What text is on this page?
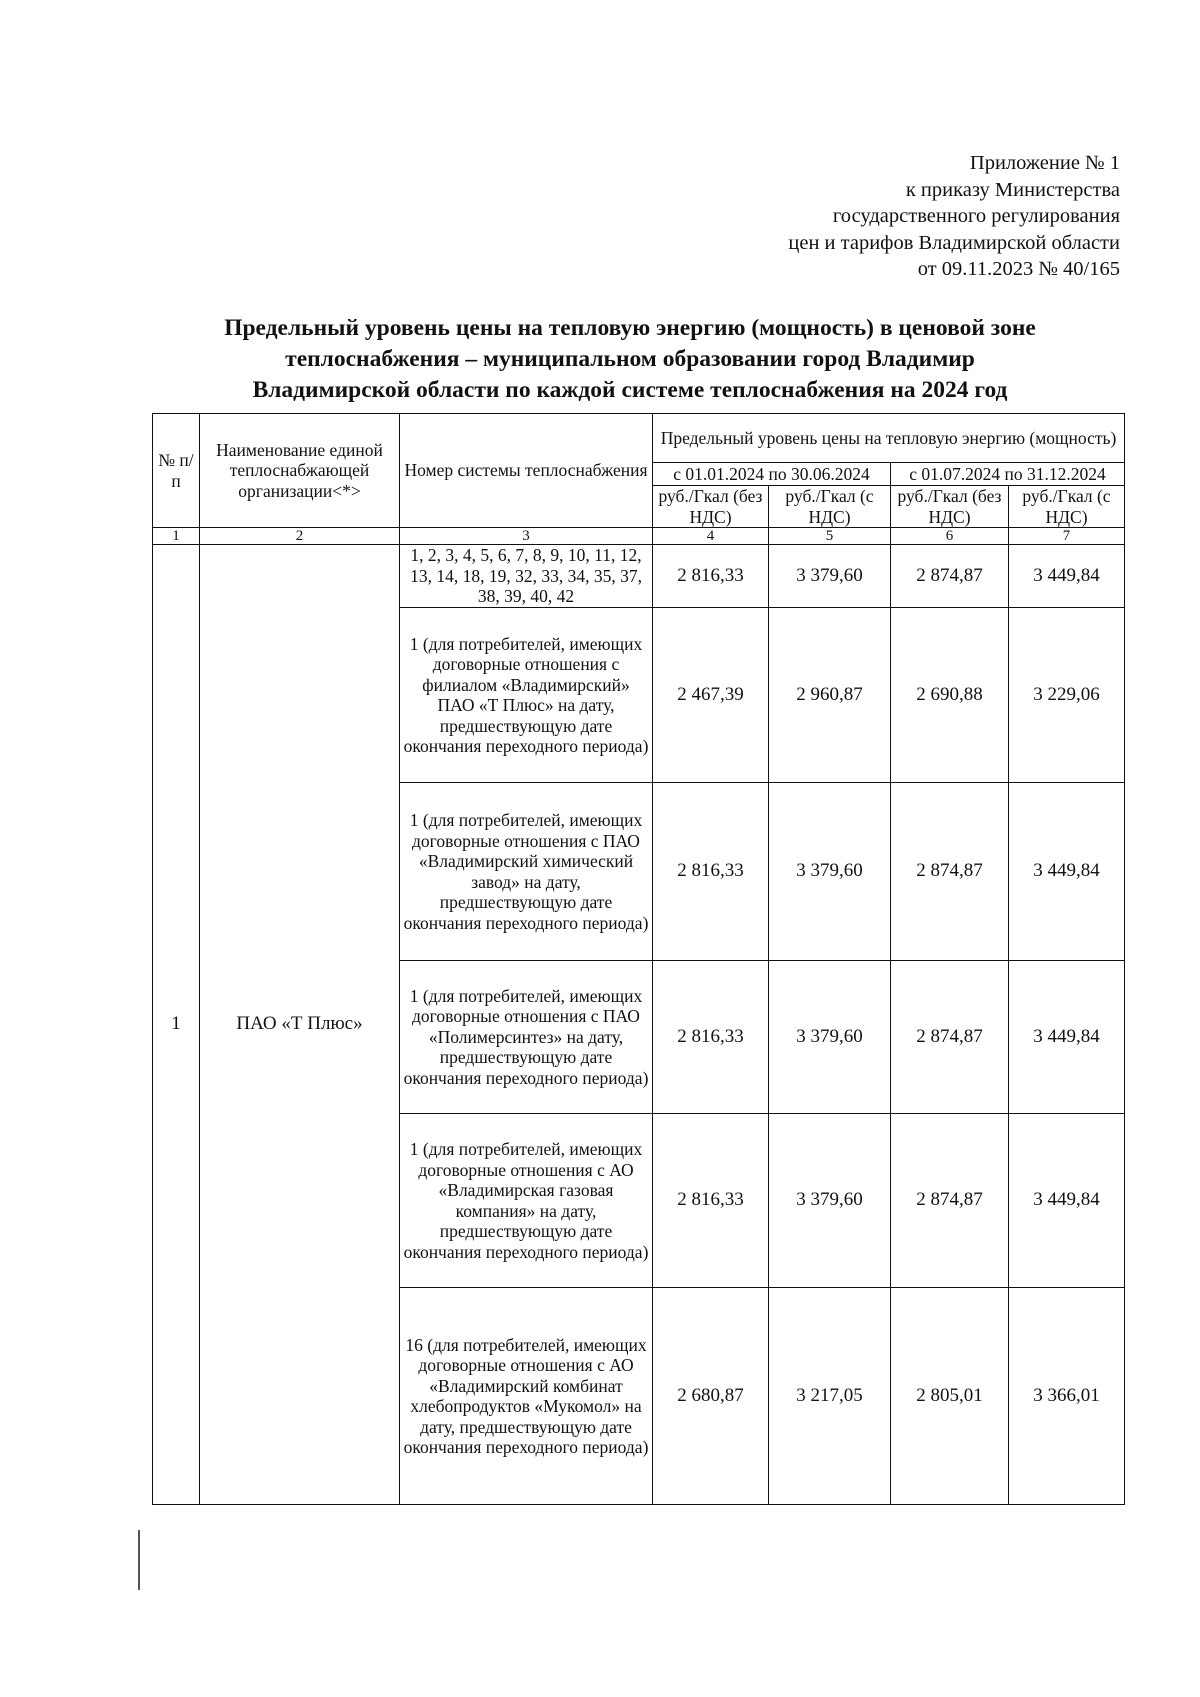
Приложение № 1
к приказу Министерства
государственного регулирования
цен и тарифов Владимирской области
от 09.11.2023 № 40/165
Предельный уровень цены на тепловую энергию (мощность) в ценовой зоне
теплоснабжения – муниципальном образовании город Владимир
Владимирской области по каждой системе теплоснабжения на 2024 год
№ п/п	Наименование единой теплоснабжающей организации<*>	Номер системы теплоснабжения	Предельный уровень цены на тепловую энергию (мощность)			
			с 01.01.2024 по 30.06.2024		с 01.07.2024 по 31.12.2024	
			руб./Гкал (без НДС)	руб./Гкал (с НДС)	руб./Гкал (без НДС)	руб./Гкал (с НДС)
1	2	3	4	5	6	7
1	ПАО «Т Плюс»	1, 2, 3, 4, 5, 6, 7, 8, 9, 10, 11, 12, 13, 14, 18, 19, 32, 33, 34, 35, 37, 38, 39, 40, 42	2 816,33	3 379,60	2 874,87	3 449,84
		1 (для потребителей, имеющих договорные отношения с филиалом «Владимирский» ПАО «Т Плюс» на дату, предшествующую дате окончания переходного периода)	2 467,39	2 960,87	2 690,88	3 229,06
		1 (для потребителей, имеющих договорные отношения с ПАО «Владимирский химический завод» на дату, предшествующую дате окончания переходного периода)	2 816,33	3 379,60	2 874,87	3 449,84
		1 (для потребителей, имеющих договорные отношения с ПАО «Полимерсинтез» на дату, предшествующую дате окончания переходного периода)	2 816,33	3 379,60	2 874,87	3 449,84
		1 (для потребителей, имеющих договорные отношения с АО «Владимирская газовая компания» на дату, предшествующую дате окончания переходного периода)	2 816,33	3 379,60	2 874,87	3 449,84
		16 (для потребителей, имеющих договорные отношения с АО «Владимирский комбинат хлебопродуктов «Мукомол» на дату, предшествующую дате окончания переходного периода)	2 680,87	3 217,05	2 805,01	3 366,01
